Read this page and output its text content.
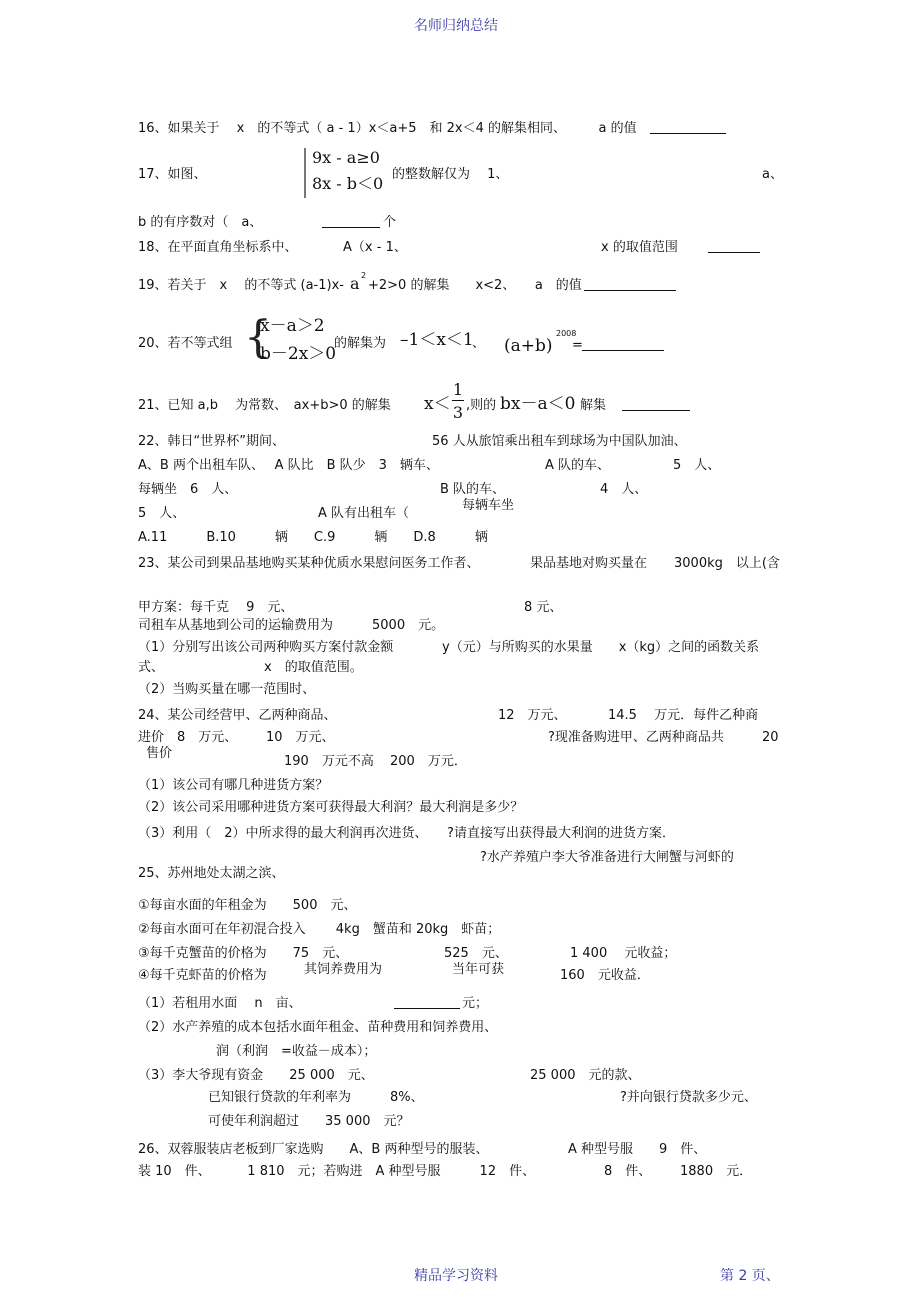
名师归纳总结
16、如果关于　 x　的不等式（ a - 1）x＜a+5　和 2x＜4 的解集相同、　　　a 的值
17、如图、
9x - a≥0
8x - b＜0 的整数解仅为　 1、	a、
b 的有序数对（　a、	个
18、在平面直角坐标系中、　　　　A（x - 1、	x 的取值范围
19、若关于　x　 的不等式 (a-1)x- a 2
+2>0 的解集　　x<2、　　a　的值
20、若不等式组 {
x－a＞2
b－2x＞0
的解集为 –1＜x＜1
、 (a+b)
2008
=
21、已知 a,b　 为常数、　ax+b>0 的解集 x＜
1
3 ,则的 bx－a＜0 解集
22、韩日“世界杯”期间、	56 人从旅馆乘出租车到球场为中国队加油、
A、B 两个出租车队、　 A 队比　B 队少　3　辆车、	A 队的车、	5　人、
每辆坐　6　人、	B 队的车、	4　人、
每辆车坐
5　人、	A 队有出租车（
A.11　　　B.10　　　辆　　C.9　　　辆　　D.8　　　辆
23、某公司到果品基地购买某种优质水果慰问医务工作者、	果品基地对购买量在 3000kg　以上(含
甲方案：每千克　 9　元、	8 元、
司租车从基地到公司的运输费用为　　　5000　元。
（1）分别写出该公司两种购买方案付款金额	y（元）与所购买的水果量　　x（kg）之间的函数关系
式、	x　的取值范围。
（2）当购买量在哪一范围时、
24、某公司经营甲、乙两种商品、	12　万元、	14.5　 万元．每件乙种商
进价　8　万元、 10　万元、	?现准备购进甲、乙两种商品共	20
售价
190　万元不高 200　万元．
（1）该公司有哪几种进货方案？
（2）该公司采用哪种进货方案可获得最大利润？最大利润是多少？
（3）利用（　2）中所求得的最大利润再次进货、　　?请直接写出获得最大利润的进货方案．
?水产养殖户李大爷准备进行大闸蟹与河虾的
25、苏州地处太湖之滨、
①每亩水面的年租金为　　500　元、
②每亩水面可在年初混合投入　　 4kg　蟹苗和 20kg　虾苗；
③每千克蟹苗的价格为　　75　元、	525　元、	1 400　 元收益；
④每千克虾苗的价格为	其饲养费用为	当年可获	160　元收益．
（1）若租用水面　 n　亩、	元；
（2）水产养殖的成本包括水面年租金、苗种费用和饲养费用、
润（利润　=收益－成本）；
（3）李大爷现有资金　　25 000　元、	25 000　元的款、
已知银行贷款的年利率为　　　8%、	?并向银行贷款多少元、
可使年利润超过　　35 000　元？
26、双蓉服装店老板到厂家选购　　A、B 两种型号的服装、	A 种型号服　　9　件、
装 10　件、　　　 1 810　元；若购进　A 种型号服　　　12　件、	8　件、 1880　元．
精品学习资料	第 2 页、
